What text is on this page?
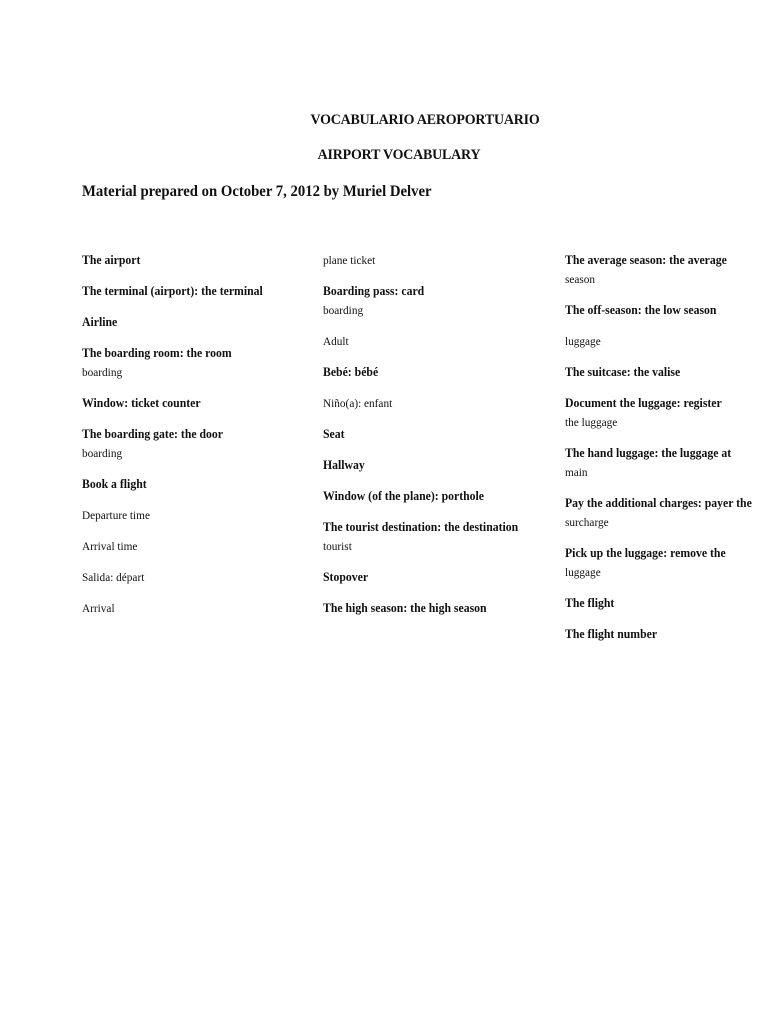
VOCABULARIO AEROPORTUARIO
AIRPORT VOCABULARY
Material prepared on October 7, 2012 by Muriel Delver
The airport
The terminal (airport): the terminal
Airline
The boarding room: the room
boarding
Window: ticket counter
The boarding gate: the door
boarding
Book a flight
Departure time
Arrival time
Salida: départ
Arrival
plane ticket
Boarding pass: card
boarding
Adult
Bebé: bébé
Niño(a): enfant
Seat
Hallway
Window (of the plane): porthole
The tourist destination: the destination
tourist
Stopover
The high season: the high season
The average season: the average
season
The off-season: the low season
luggage
The suitcase: the valise
Document the luggage: register
the luggage
The hand luggage: the luggage at
main
Pay the additional charges: payer the
surcharge
Pick up the luggage: remove the
luggage
The flight
The flight number
